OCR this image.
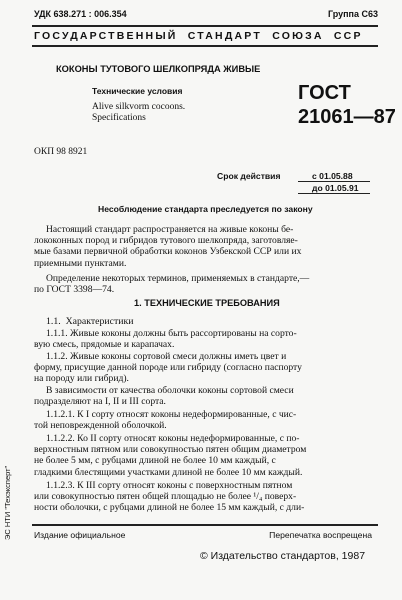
УДК 638.271 : 006.354	Группа С63
ГОСУДАРСТВЕННЫЙ  СТАНДАРТ  СОЮЗА  ССР
КОКОНЫ ТУТОВОГО ШЕЛКОПРЯДА ЖИВЫЕ
Технические условия
Alive silkvorm cocoons.
Specifications
ГОСТ
21061—87
ОКП 98 8921
Срок действия	с 01.05.88
до 01.05.91
Несоблюдение стандарта преследуется по закону
Настоящий стандарт распространяется на живые коконы бе-
лококонных пород и гибридов тутового шелкопряда, заготовляе-
мые базами первичной обработки коконов Узбекской ССР или их
приемными пунктами.
Определение некоторых терминов, применяемых в стандарте,—
по ГОСТ 3398—74.
1. ТЕХНИЧЕСКИЕ ТРЕБОВАНИЯ
1.1.  Характеристики
1.1.1. Живые коконы должны быть рассортированы на сорто-
вую смесь, прядомые и карапачах.
1.1.2. Живые коконы сортовой смеси должны иметь цвет и
форму, присущие данной породе или гибриду (согласно паспорту
на породу или гибрид).
В зависимости от качества оболочки коконы сортовой смеси
подразделяют на I, II и III сорта.
1.1.2.1. К I сорту относят коконы недеформированные, с чис-
той неповрежденной оболочкой.
1.1.2.2. Ко II сорту относят коконы недеформированные, с по-
верхностным пятном или совокупностью пятен общим диаметром
не более 5 мм, с рубцами длиной не более 10 мм каждый, с
гладкими блестящими участками длиной не более 10 мм каждый.
1.1.2.3. К III сорту относят коконы с поверхностным пятном
или совокупностью пятен общей площадью не более ¹/₄ поверх-
ности оболочки, с рубцами длиной не более 15 мм каждый, с дли-
ЭС НТИ "Техэксперт"	Издание официальное	Перепечатка воспрещена
© Издательство стандартов, 1987
